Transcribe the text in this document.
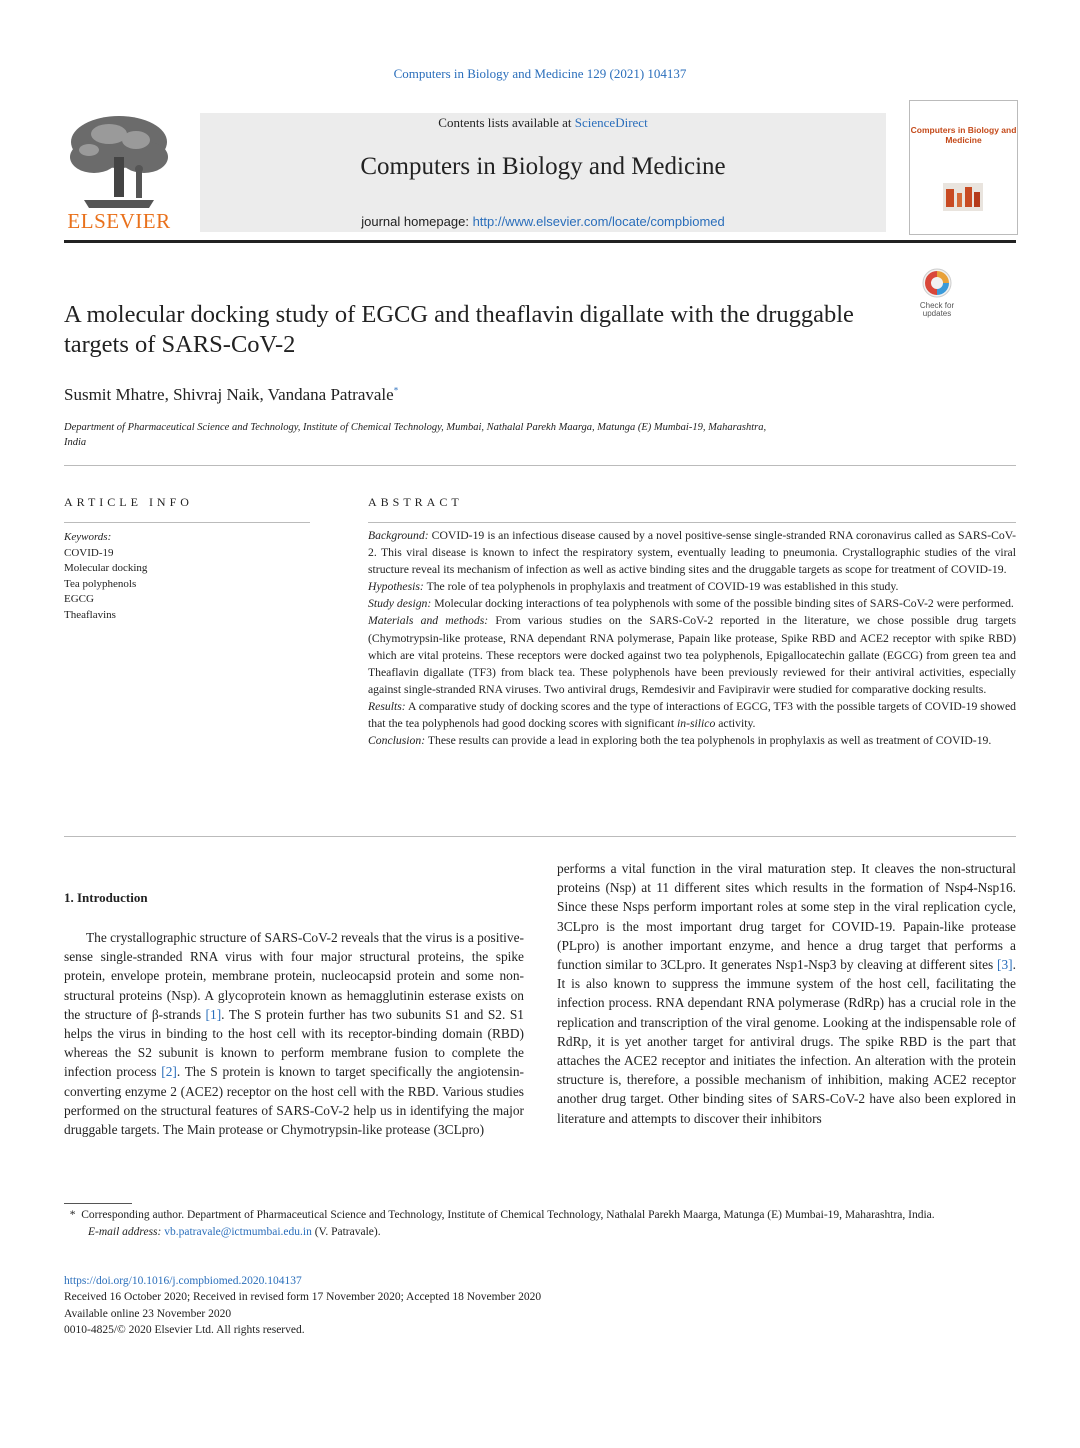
Computers in Biology and Medicine 129 (2021) 104137
ELSEVIER
Contents lists available at ScienceDirect
Computers in Biology and Medicine
journal homepage: http://www.elsevier.com/locate/compbiomed
Computers in Biology and Medicine
Check for
updates
A molecular docking study of EGCG and theaflavin digallate with the druggable targets of SARS-CoV-2
Susmit Mhatre, Shivraj Naik, Vandana Patravale*
Department of Pharmaceutical Science and Technology, Institute of Chemical Technology, Mumbai, Nathalal Parekh Maarga, Matunga (E) Mumbai-19, Maharashtra,
India
ARTICLE INFO	ABSTRACT
Keywords:
COVID-19
Molecular docking
Tea polyphenols
EGCG
Theaflavins

Background: COVID-19 is an infectious disease caused by a novel positive-sense single-stranded RNA coronavirus called as SARS-CoV-2. This viral disease is known to infect the respiratory system, eventually leading to pneumonia. Crystallographic studies of the viral structure reveal its mechanism of infection as well as active binding sites and the druggable targets as scope for treatment of COVID-19.

Hypothesis: The role of tea polyphenols in prophylaxis and treatment of COVID-19 was established in this study.

Study design: Molecular docking interactions of tea polyphenols with some of the possible binding sites of SARS-CoV-2 were performed.

Materials and methods: From various studies on the SARS-CoV-2 reported in the literature, we chose possible drug targets (Chymotrypsin-like protease, RNA dependant RNA polymerase, Papain like protease, Spike RBD and ACE2 receptor with spike RBD) which are vital proteins. These receptors were docked against two tea polyphenols, Epigallocatechin gallate (EGCG) from green tea and Theaflavin digallate (TF3) from black tea. These polyphenols have been previously reviewed for their antiviral activities, especially against single-stranded RNA viruses. Two antiviral drugs, Remdesivir and Favipiravir were studied for comparative docking results.

Results: A comparative study of docking scores and the type of interactions of EGCG, TF3 with the possible targets of COVID-19 showed that the tea polyphenols had good docking scores with significant in-silico activity.

Conclusion: These results can provide a lead in exploring both the tea polyphenols in prophylaxis as well as treatment of COVID-19.

1. Introduction

The crystallographic structure of SARS-CoV-2 reveals that the virus is a positive-sense single-stranded RNA virus with four major structural proteins, the spike protein, envelope protein, membrane protein, nucleocapsid protein and some non-structural proteins (Nsp). A glycoprotein known as hemagglutinin esterase exists on the structure of β-strands [1]. The S protein further has two subunits S1 and S2. S1 helps the virus in binding to the host cell with its receptor-binding domain (RBD) whereas the S2 subunit is known to perform membrane fusion to complete the infection process [2]. The S protein is known to target specifically the angiotensin-converting enzyme 2 (ACE2) receptor on the host cell with the RBD. Various studies performed on the structural features of SARS-CoV-2 help us in identifying the major druggable targets. The Main protease or Chymotrypsin-like protease (3CLpro)

performs a vital function in the viral maturation step. It cleaves the non-structural proteins (Nsp) at 11 different sites which results in the formation of Nsp4-Nsp16. Since these Nsps perform important roles at some step in the viral replication cycle, 3CLpro is the most important drug target for COVID-19. Papain-like protease (PLpro) is another important enzyme, and hence a drug target that performs a function similar to 3CLpro. It generates Nsp1-Nsp3 by cleaving at different sites [3]. It is also known to suppress the immune system of the host cell, facilitating the infection process. RNA dependant RNA polymerase (RdRp) has a crucial role in the replication and transcription of the viral genome. Looking at the indispensable role of RdRp, it is yet another target for antiviral drugs. The spike RBD is the part that attaches the ACE2 receptor and initiates the infection. An alteration with the protein structure is, therefore, a possible mechanism of inhibition, making ACE2 receptor another drug target. Other binding sites of SARS-CoV-2 have also been explored in literature and attempts to discover their inhibitors

* Corresponding author. Department of Pharmaceutical Science and Technology, Institute of Chemical Technology, Nathalal Parekh Maarga, Matunga (E) Mumbai-19, Maharashtra, India.

E-mail address: vb.patravale@ictmumbai.edu.in (V. Patravale).

https://doi.org/10.1016/j.compbiomed.2020.104137
Received 16 October 2020; Received in revised form 17 November 2020; Accepted 18 November 2020
Available online 23 November 2020
0010-4825/© 2020 Elsevier Ltd. All rights reserved.
